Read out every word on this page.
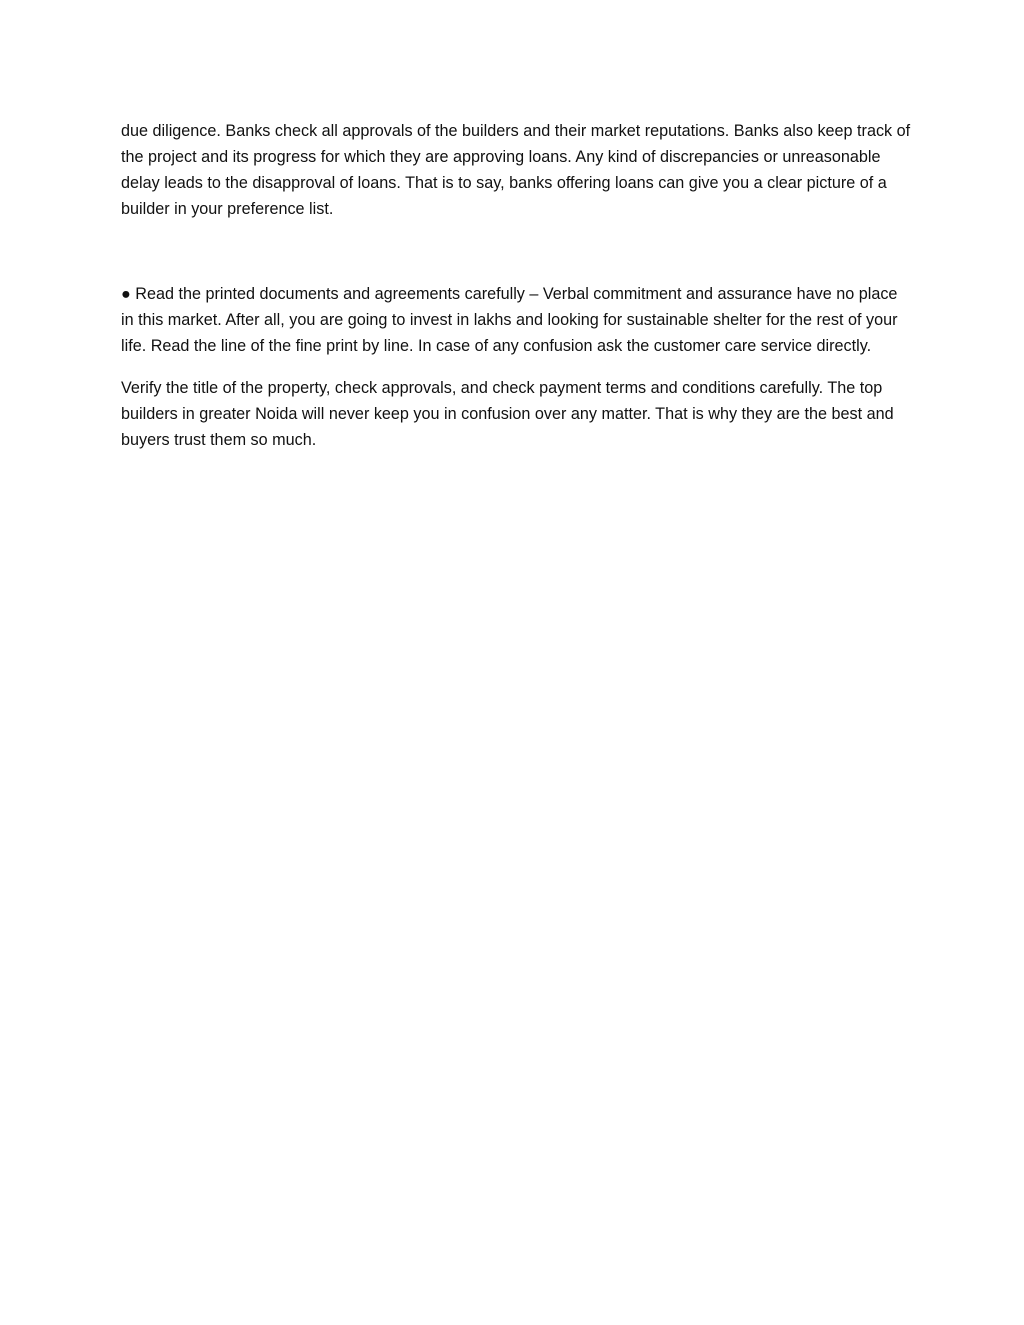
due diligence. Banks check all approvals of the builders and their market reputations. Banks also keep track of the project and its progress for which they are approving loans. Any kind of discrepancies or unreasonable delay leads to the disapproval of loans. That is to say, banks offering loans can give you a clear picture of a builder in your preference list.

● Read the printed documents and agreements carefully – Verbal commitment and assurance have no place in this market. After all, you are going to invest in lakhs and looking for sustainable shelter for the rest of your life. Read the line of the fine print by line. In case of any confusion ask the customer care service directly.

Verify the title of the property, check approvals, and check payment terms and conditions carefully. The top builders in greater Noida will never keep you in confusion over any matter. That is why they are the best and buyers trust them so much.
